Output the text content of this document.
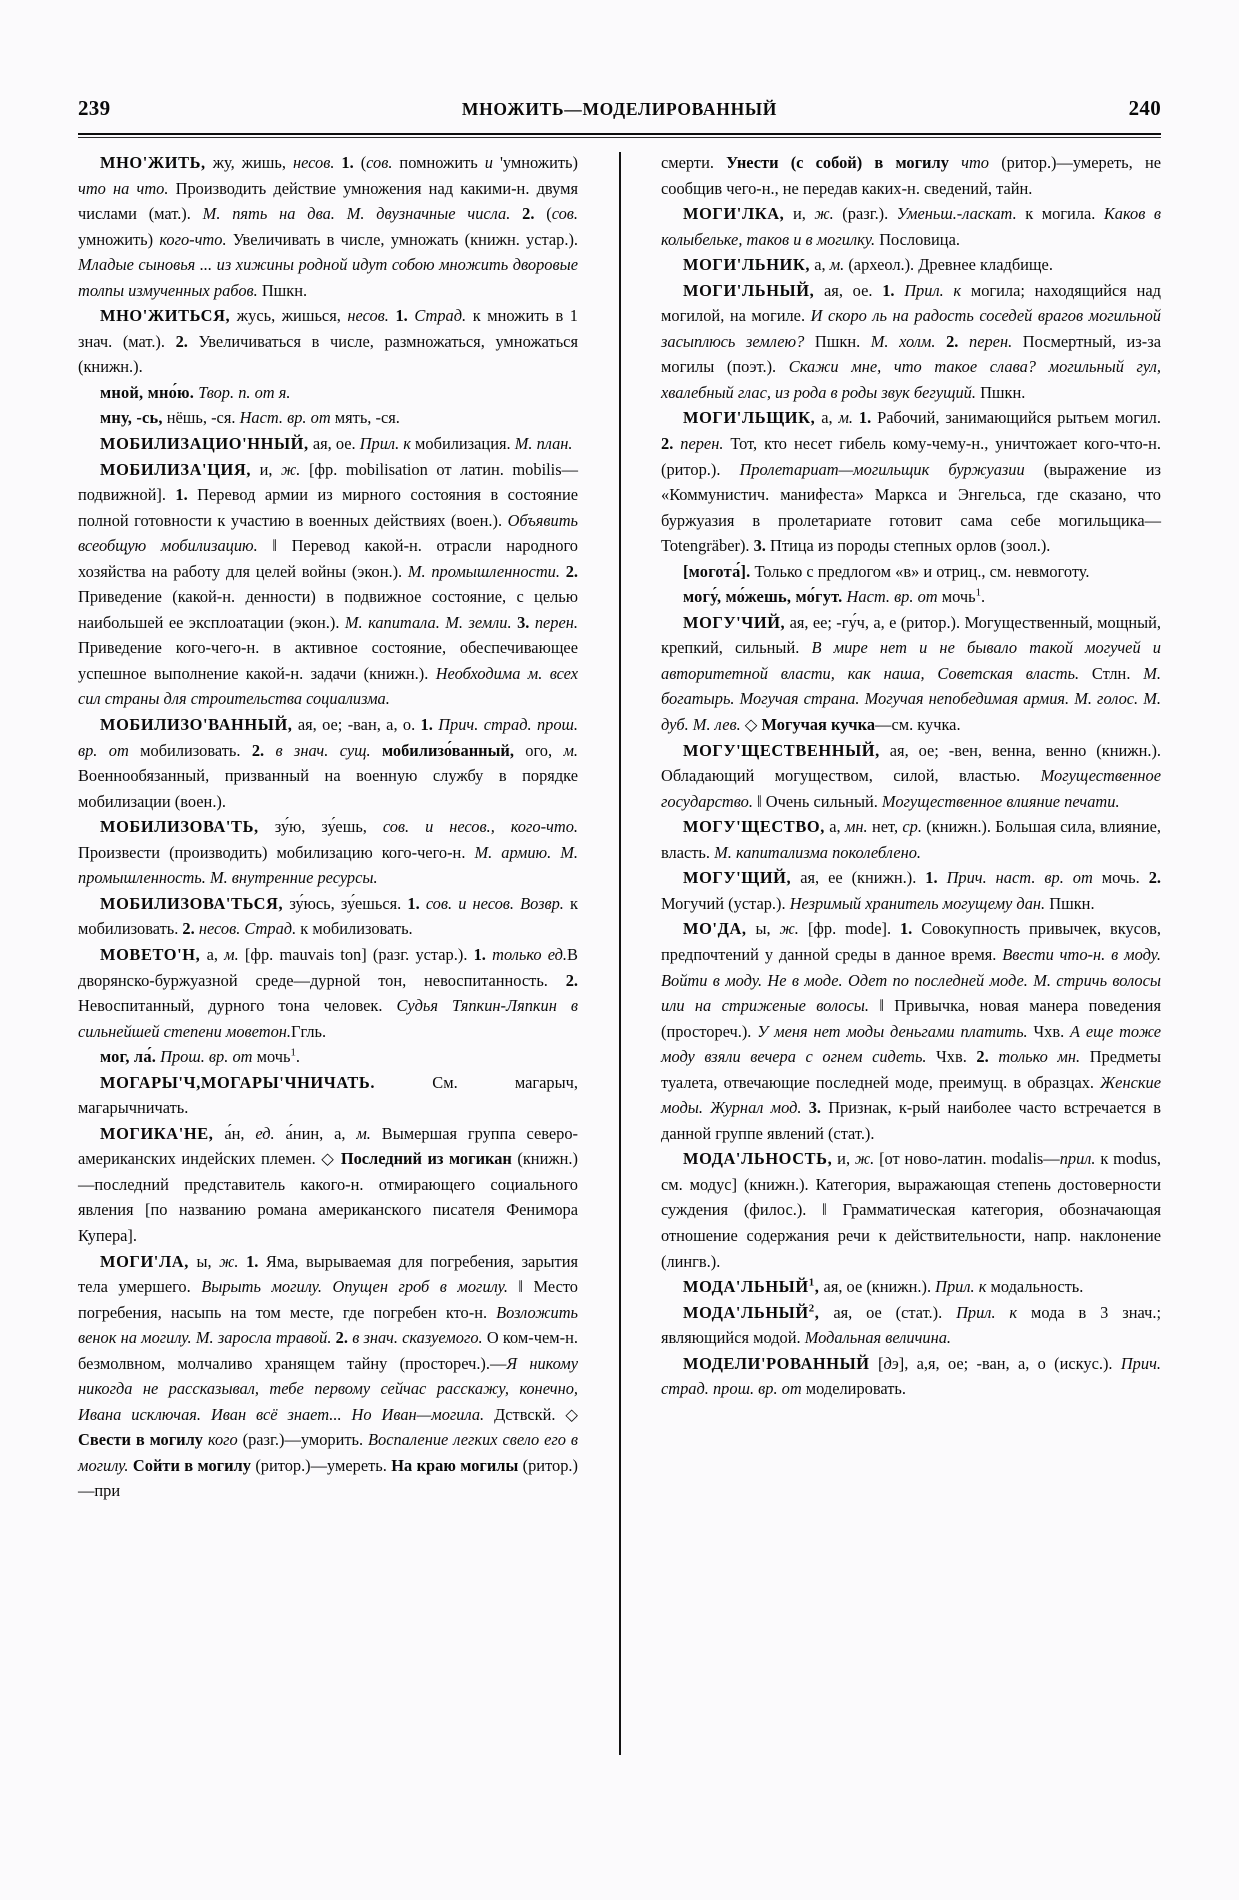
239	МНОЖИТЬ—МОДЕЛИРОВАННЫЙ	240

МНО'ЖИТЬ, жу, жишь, несов. 1. (сов. помножить и 'умножить) что на что. Производить действие умножения над какими-н. двумя числами (мат.). М. пять на два. М. двузначные числа. 2. (сов. умножить) кого-что. Увеличивать в числе, умножать (книжн. устар.). Младые сыновья ... из хижины родной идут собою множить дворовые толпы измученных рабов. Пшкн.

МНО'ЖИТЬСЯ, жусь, жишься, несов. 1. Страд. к множить в 1 знач. (мат.). 2. Увеличиваться в числе, размножаться, умножаться (книжн.).

мной, мно́ю. Твор. п. от я.

мну, -сь, нёшь, -ся. Наст. вр. от мять, -ся.

МОБИЛИЗАЦИО'ННЫЙ, ая, ое. Прил. к мобилизация. М. план.

МОБИЛИЗА'ЦИЯ, и, ж. [фр. mobilisation от латин. mobilis—подвижной]. 1. Перевод армии из мирного состояния в состояние полной готовности к участию в военных действиях (воен.). Объявить всеобщую мобилизацию. ‖ Перевод какой-н. отрасли народного хозяйства на работу для целей войны (экон.). М. промышленности. 2. Приведение (какой-н. денности) в подвижное состояние, с целью наибольшей ее эксплоатации (экон.). М. капитала. М. земли. 3. перен. Приведение кого-чего-н. в активное состояние, обеспечивающее успешное выполнение какой-н. задачи (книжн.). Необходима м. всех сил страны для строительства социализма.

МОБИЛИЗО'ВАННЫЙ, ая, ое; -ван, а, о. 1. Прич. страд. прош. вр. от мобилизовать. 2. в знач. сущ. мобилизо́ванный, ого, м. Военнообязанный, призванный на военную службу в порядке мобилизации (воен.).

МОБИЛИЗОВА'ТЬ, зу́ю, зу́ешь, сов. и несов., кого-что. Произвести (производить) мобилизацию кого-чего-н. М. армию. М. промышленность. М. внутренние ресурсы.

МОБИЛИЗОВА'ТЬСЯ, зу́юсь, зу́ешься. 1. сов. и несов. Возвр. к мобилизовать. 2. несов. Страд. к мобилизовать.

МОВЕТО'Н, а, м. [фр. mauvais ton] (разг. устар.). 1. только ед.В дворянско-буржуазной среде—дурной тон, невоспитанность. 2. Невоспитанный, дурного тона человек. Судья Тяпкин-Ляпкин в сильнейшей степени моветон.Ггль.

мог, ла́. Прош. вр. от мочь$^1$.

МОГАРЫ'Ч,МОГАРЫ'ЧНИЧАТЬ.	См. магарыч, магарычничать.

МОГИКА'НЕ, а́н, ед. а́нин, а, м. Вымершая группа северо-американских индейских племен. ◇ Последний из могикан (книжн.)—последний представитель какого-н. отмирающего социального явления [по названию романа американского писателя Фенимора Купера].

МОГИ'ЛА, ы, ж. 1. Яма, вырываемая для погребения, зарытия тела умершего. Вырыть могилу. Опущен гроб в могилу. ‖ Место погребения, насыпь на том месте, где погребен кто-н. Возложить венок на могилу. М. заросла травой. 2. в знач. сказуемого. О ком-чем-н. безмолвном, молчаливо хранящем тайну (простореч.).—Я никому никогда не рассказывал, тебе первому сейчас расскажу, конечно, Ивана исключая. Иван всё знает... Но Иван—могила. Дствскй. ◇ Свести в могилу кого (разг.)—уморить. Воспаление легких свело его в могилу. Сойти в могилу (ритор.)—умереть. На краю могилы (ритор.)—при

смерти. Унести (с собой) в могилу что (ритор.)—умереть, не сообщив чего-н., не передав каких-н. сведений, тайн.

МОГИ'ЛКА, и, ж. (разг.). Уменьш.-ласкат. к могила. Каков в колыбельке, таков и в могилку. Пословица.

МОГИ'ЛЬНИК, а, м. (археол.). Древнее кладбище.

МОГИ'ЛЬНЫЙ, ая, ое. 1. Прил. к могила; находящийся над могилой, на могиле. И скоро ль на радость соседей врагов могильной засыплюсь землею? Пшкн. М. холм. 2. перен. Посмертный, из-за могилы (поэт.). Скажи мне, что такое слава? могильный гул, хвалебный глас, из рода в роды звук бегущий. Пшкн.

МОГИ'ЛЬЩИК, а, м. 1. Рабочий, занимающийся рытьем могил. 2. перен. Тот, кто несет гибель кому-чему-н., уничтожает кого-что-н. (ритор.). Пролетариат—могильщик буржуазии (выражение из «Коммунистич. манифеста» Маркса и Энгельса, где сказано, что буржуазия в пролетариате готовит сама себе могильщика—Totengräber). 3. Птица из породы степных орлов (зоол.).

[могота́]. Только с предлогом «в» и отриц., см. невмоготу.

могу́, мо́жешь, мо́гут. Наст. вр. от мочь$^1$.

МОГУ'ЧИЙ, ая, ее; -гу́ч, а, е (ритор.). Могущественный, мощный, крепкий, сильный. В мире нет и не бывало такой могучей и авторитетной власти, как наша, Советская власть. Стлн. М. богатырь. Могучая страна. Могучая непобедимая армия. М. голос. М. дуб. М. лев. ◇ Могучая кучка—см. кучка.

МОГУ'ЩЕСТВЕННЫЙ, ая, ое; -вен, венна, венно (книжн.). Обладающий могуществом, силой, властью. Могущественное государство. ‖ Очень сильный. Могущественное влияние печати.

МОГУ'ЩЕСТВО, а, мн. нет, ср. (книжн.). Большая сила, влияние, власть. М. капитализма поколеблено.

МОГУ'ЩИЙ, ая, ее (книжн.). 1. Прич. наст. вр. от мочь. 2. Могучий (устар.). Незримый хранитель могущему дан. Пшкн.

МО'ДА, ы, ж. [фр. mode]. 1. Совокупность привычек, вкусов, предпочтений у данной среды в данное время. Ввести что-н. в моду. Войти в моду. Не в моде. Одет по последней моде. М. стричь волосы или на стриженые волосы. ‖ Привычка, новая манера поведения (простореч.). У меня нет моды деньгами платить. Чхв. А еще тоже моду взяли вечера с огнем сидеть. Чхв. 2. только мн. Предметы туалета, отвечающие последней моде, преимущ. в образцах. Женские моды. Журнал мод. 3. Признак, к-рый наиболее часто встречается в данной группе явлений (стат.).

МОДА'ЛЬНОСТЬ, и, ж. [от ново-латин. modalis—прил. к modus, см. модус] (книжн.). Категория, выражающая степень достоверности суждения (филос.). ‖ Грамматическая категория, обозначающая отношение содержания речи к действительности, напр. наклонение (лингв.).

МОДА'ЛЬНЫЙ$^1$, ая, ое (книжн.). Прил. к модальность.

МОДА'ЛЬНЫЙ$^2$, ая, ое (стат.). Прил. к мода в 3 знач.; являющийся модой. Модальная величина.

МОДЕЛИ'РОВАННЫЙ [дэ], а,я, ое; -ван, а, о (искус.). Прич. страд. прош. вр. от моделировать.
